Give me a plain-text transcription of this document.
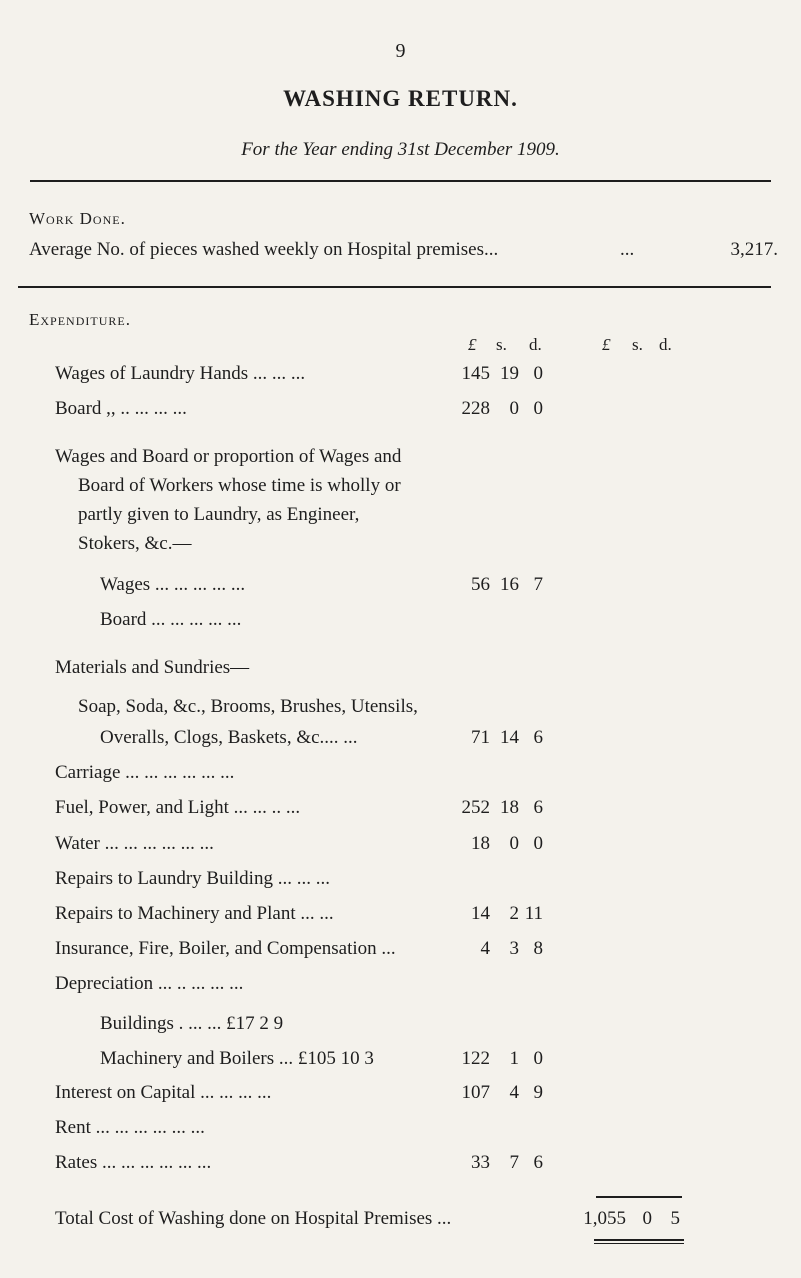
9
WASHING RETURN.
For the Year ending 31st December 1909.
Work Done.
Average No. of pieces washed weekly on Hospital premises...	...	3,217.
Expenditure.
£ s. d.	£ s. d.
Wages of Laundry Hands ... ... ...	145 19 0
Board ,, .. ... ... ...	228	0 0
Wages and Board or proportion of Wages and
Board of Workers whose time is wholly or
partly given to Laundry, as Engineer,
Stokers, &c.—
Wages ... ... ... ... ...	56 16 7
Board ... ... ... ... ...
Materials and Sundries—
Soap, Soda, &c., Brooms, Brushes, Utensils,
Overalls, Clogs, Baskets, &c.... ...	71 14 6
Carriage ... ... ... ... ... ...
Fuel, Power, and Light ... ... .. ...	252 18 6
Water ... ... ... ... ... ...	18	0 0
Repairs to Laundry Building ... ... ...
Repairs to Machinery and Plant ... ...	14	2 11
Insurance, Fire, Boiler, and Compensation ...	4	3 8
Depreciation ... .. ... ... ...
Buildings . ... ... £17 2 9
Machinery and Boilers ... £105 10 3	122	1 0
Interest on Capital ... ... ... ...	107	4 9
Rent ... ... ... ... ... ...
Rates ... ... ... ... ... ...	33	7 6
Total Cost of Washing done on Hospital Premises ...	1,055 0 5
